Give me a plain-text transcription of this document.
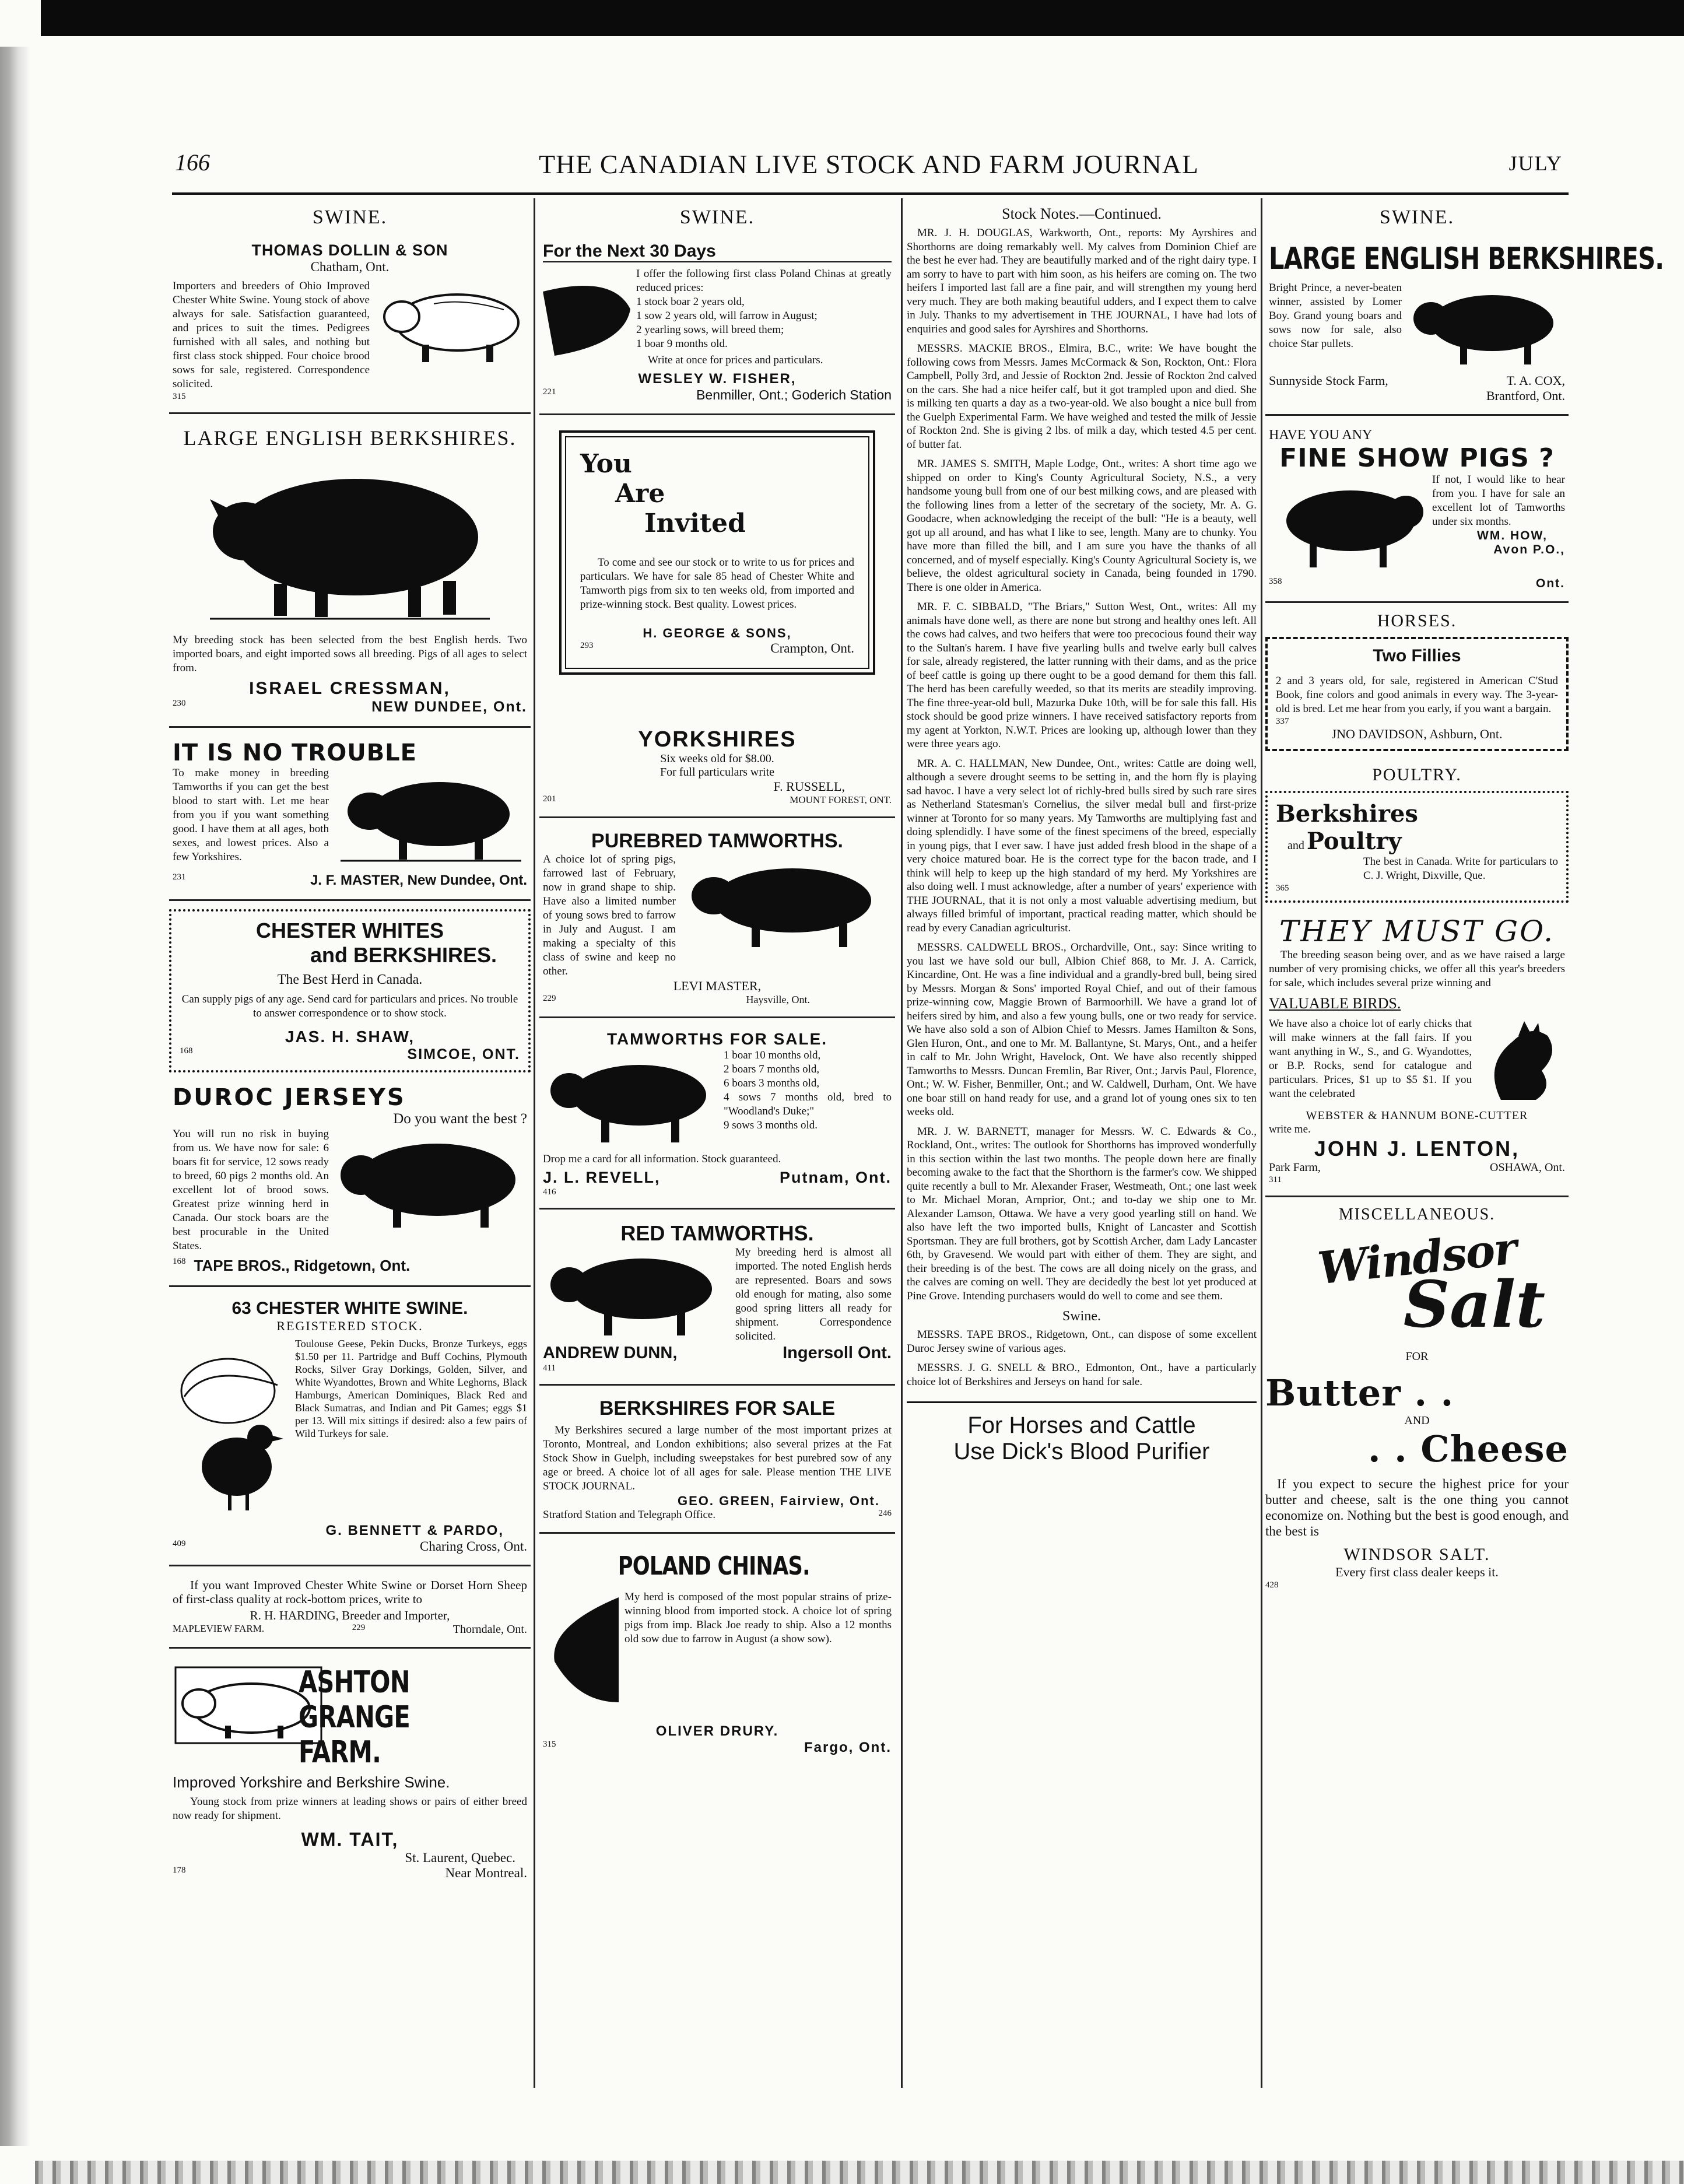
166	THE CANADIAN LIVE STOCK AND FARM JOURNAL	JULY
SWINE.
THOMAS DOLLIN & SON
Chatham, Ont.
Importers and breeders of Ohio Improved Chester White Swine. Young stock of above always for sale. Satisfaction guaranteed, and prices to suit the times. Pedigrees furnished with all sales, and nothing but first class stock shipped. Four choice brood sows for sale, registered. Correspondence solicited.
315
LARGE ENGLISH BERKSHIRES.
My breeding stock has been selected from the best English herds. Two imported boars, and eight imported sows all breeding. Pigs of all ages to select from.
ISRAEL CRESSMAN,
230	NEW DUNDEE, Ont.
IT IS NO TROUBLE
To make money in breeding Tamworths if you can get the best blood to start with. Let me hear from you if you want something good. I have them at all ages, both sexes, and lowest prices. Also a few Yorkshires.
231	J. F. MASTER, New Dundee, Ont.
CHESTER WHITES
and BERKSHIRES.
The Best Herd in Canada.
Can supply pigs of any age. Send card for particulars and prices. No trouble to answer correspondence or to show stock.
JAS. H. SHAW,
168	SIMCOE, ONT.
DUROC JERSEYS
Do you want the best ?
You will run no risk in buying from us. We have now for sale: 6 boars fit for service, 12 sows ready to breed, 60 pigs 2 months old. An excellent lot of brood sows. Greatest prize winning herd in Canada. Our stock boars are the best procurable in the United States.
168 TAPE BROS., Ridgetown, Ont.
63 CHESTER WHITE SWINE.
REGISTERED STOCK.
Toulouse Geese, Pekin Ducks, Bronze Turkeys, eggs $1.50 per 11. Partridge and Buff Cochins, Plymouth Rocks, Silver Gray Dorkings, Golden, Silver, and White Wyandottes, Brown and White Leghorns, Black Hamburgs, American Dominiques, Black Red and Black Sumatras, and Indian and Pit Games; eggs $1 per 13. Will mix sittings if desired: also a few pairs of Wild Turkeys for sale.
G. BENNETT & PARDO,
409	Charing Cross, Ont.
If you want Improved Chester White Swine or Dorset Horn Sheep of first-class quality at rock-bottom prices, write to
R. H. HARDING, Breeder and Importer,
MAPLEVIEW FARM.	229	Thorndale, Ont.
ASHTON
GRANGE FARM.
Improved Yorkshire and Berkshire Swine.
Young stock from prize winners at leading shows or pairs of either breed now ready for shipment.
WM. TAIT,
St. Laurent, Quebec.
178	Near Montreal.
SWINE.
For the Next 30 Days
I offer the following first class Poland Chinas at greatly reduced prices:
1 stock boar 2 years old,
1 sow 2 years old, will farrow in August;
2 yearling sows, will breed them;
1 boar 9 months old.
Write at once for prices and particulars.
WESLEY W. FISHER,
221	Benmiller, Ont.; Goderich Station
You
Are
Invited
To come and see our stock or to write to us for prices and particulars. We have for sale 85 head of Chester White and Tamworth pigs from six to ten weeks old, from imported and prize-winning stock. Best quality. Lowest prices.
H. GEORGE & SONS,
293	Crampton, Ont.
YORKSHIRES
Six weeks old for $8.00.
For full particulars write
F. RUSSELL,
201	MOUNT FOREST, ONT.
PUREBRED TAMWORTHS.
A choice lot of spring pigs, farrowed last of February, now in grand shape to ship. Have also a limited number of young sows bred to farrow in July and August. I am making a specialty of this class of swine and keep no other.
LEVI MASTER,
229	Haysville, Ont.
TAMWORTHS FOR SALE.
1 boar 10 months old,
2 boars 7 months old,
6 boars 3 months old,
4 sows 7 months old, bred to "Woodland's Duke;"
9 sows 3 months old.
Drop me a card for all information. Stock guaranteed.
J. L. REVELL,	Putnam, Ont.
416
RED TAMWORTHS.
My breeding herd is almost all imported. The noted English herds are represented. Boars and sows old enough for mating, also some good spring litters all ready for shipment. Correspondence solicited.
ANDREW DUNN,	Ingersoll Ont.
411
BERKSHIRES FOR SALE
My Berkshires secured a large number of the most important prizes at Toronto, Montreal, and London exhibitions; also several prizes at the Fat Stock Show in Guelph, including sweepstakes for best purebred sow of any age or breed. A choice lot of all ages for sale. Please mention THE LIVE STOCK JOURNAL.
GEO. GREEN, Fairview, Ont.
Stratford Station and Telegraph Office.	246
POLAND CHINAS.
My herd is composed of the most popular strains of prize-winning blood from imported stock. A choice lot of spring pigs from imp. Black Joe ready to ship. Also a 12 months old sow due to farrow in August (a show sow).
OLIVER DRURY.
315	Fargo, Ont.
Stock Notes.—Continued.

MR. J. H. DOUGLAS, Warkworth, Ont., reports: My Ayrshires and Shorthorns are doing remarkably well. My calves from Dominion Chief are the best he ever had. They are beautifully marked and of the right dairy type. I am sorry to have to part with him soon, as his heifers are coming on. The two heifers I imported last fall are a fine pair, and will strengthen my young herd very much. They are both making beautiful udders, and I expect them to calve in July. Thanks to my advertisement in THE JOURNAL, I have had lots of enquiries and good sales for Ayrshires and Shorthorns.

MESSRS. MACKIE BROS., Elmira, B.C., write: We have bought the following cows from Messrs. James McCormack & Son, Rockton, Ont.: Flora Campbell, Polly 3rd, and Jessie of Rockton 2nd. Jessie of Rockton 2nd calved on the cars. She had a nice heifer calf, but it got trampled upon and died. She is milking ten quarts a day as a two-year-old. We also bought a nice bull from the Guelph Experimental Farm. We have weighed and tested the milk of Jessie of Rockton 2nd. She is giving 2 lbs. of milk a day, which tested 4.5 per cent. of butter fat.

MR. JAMES S. SMITH, Maple Lodge, Ont., writes: A short time ago we shipped on order to King's County Agricultural Society, N.S., a very handsome young bull from one of our best milking cows, and are pleased with the following lines from a letter of the secretary of the society, Mr. A. G. Goodacre, when acknowledging the receipt of the bull: "He is a beauty, well got up all around, and has what I like to see, length. Many are to chunky. You have more than filled the bill, and I am sure you have the thanks of all concerned, and of myself especially. King's County Agricultural Society is, we believe, the oldest agricultural society in Canada, being founded in 1790. There is one older in America.

MR. F. C. SIBBALD, "The Briars," Sutton West, Ont., writes: All my animals have done well, as there are none but strong and healthy ones left. All the cows had calves, and two heifers that were too precocious found their way to the Sultan's harem. I have five yearling bulls and twelve early bull calves for sale, already registered, the latter running with their dams, and as the price of beef cattle is going up there ought to be a good demand for them this fall. The herd has been carefully weeded, so that its merits are steadily improving. The fine three-year-old bull, Mazurka Duke 10th, will be for sale this fall. His stock should be good prize winners. I have received satisfactory reports from my agent at Yorkton, N.W.T. Prices are looking up, although lower than they were three years ago.

MR. A. C. HALLMAN, New Dundee, Ont., writes: Cattle are doing well, although a severe drought seems to be setting in, and the horn fly is playing sad havoc. I have a very select lot of richly-bred bulls sired by such rare sires as Netherland Statesman's Cornelius, the silver medal bull and first-prize winner at Toronto for so many years. My Tamworths are multiplying fast and doing splendidly. I have some of the finest specimens of the breed, especially in young pigs, that I ever saw. I have just added fresh blood in the shape of a very choice matured boar. He is the correct type for the bacon trade, and I think will help to keep up the high standard of my herd. My Yorkshires are also doing well. I must acknowledge, after a number of years' experience with THE JOURNAL, that it is not only a most valuable advertising medium, but always filled brimful of important, practical reading matter, which should be read by every Canadian agriculturist.

MESSRS. CALDWELL BROS., Orchardville, Ont., say: Since writing to you last we have sold our bull, Albion Chief 868, to Mr. J. A. Carrick, Kincardine, Ont. He was a fine individual and a grandly-bred bull, being sired by Messrs. Morgan & Sons' imported Royal Chief, and out of their famous prize-winning cow, Maggie Brown of Barmoorhill. We have a grand lot of heifers sired by him, and also a few young bulls, one or two ready for service. We have also sold a son of Albion Chief to Messrs. James Hamilton & Sons, Glen Huron, Ont., and one to Mr. M. Ballantyne, St. Marys, Ont., and a heifer in calf to Mr. John Wright, Havelock, Ont. We have also recently shipped Tamworths to Messrs. Duncan Fremlin, Bar River, Ont.; Jarvis Paul, Florence, Ont.; W. W. Fisher, Benmiller, Ont.; and W. Caldwell, Durham, Ont. We have one boar still on hand ready for use, and a grand lot of young ones six to ten weeks old.

MR. J. W. BARNETT, manager for Messrs. W. C. Edwards & Co., Rockland, Ont., writes: The outlook for Shorthorns has improved wonderfully in this section within the last two months. The people down here are finally becoming awake to the fact that the Shorthorn is the farmer's cow. We shipped quite recently a bull to Mr. Alexander Fraser, Westmeath, Ont.; one last week to Mr. Michael Moran, Arnprior, Ont.; and to-day we ship one to Mr. Alexander Lamson, Ottawa. We have a very good yearling still on hand. We also have left the two imported bulls, Knight of Lancaster and Scottish Sportsman. They are full brothers, got by Scottish Archer, dam Lady Lancaster 6th, by Gravesend. We would part with either of them. They are sight, and their breeding is of the best. The cows are all doing nicely on the grass, and the calves are coming on well. They are decidedly the best lot yet produced at Pine Grove. Intending purchasers would do well to come and see them.

Swine.

MESSRS. TAPE BROS., Ridgetown, Ont., can dispose of some excellent Duroc Jersey swine of various ages.

MESSRS. J. G. SNELL & BRO., Edmonton, Ont., have a particularly choice lot of Berkshires and Jerseys on hand for sale.

For Horses and Cattle
Use Dick's Blood Purifier
SWINE.
LARGE ENGLISH BERKSHIRES.
Bright Prince, a never-beaten winner, assisted by Lomer Boy. Grand young boars and sows now for sale, also choice Star pullets.
Sunnyside Stock Farm,	T. A. COX,
Brantford, Ont.
HAVE YOU ANY
FINE SHOW PIGS ?
If not, I would like to hear from you. I have for sale an excellent lot of Tamworths under six months.
WM. HOW,
Avon P.O.,
358	Ont.
HORSES.
Two Fillies
2 and 3 years old, for sale, registered in American C'Stud Book, fine colors and good animals in every way. The 3-year-old is bred. Let me hear from you early, if you want a bargain.
337
JNO DAVIDSON, Ashburn, Ont.
POULTRY.
Berkshires
and Poultry
The best in Canada. Write for particulars to C. J. Wright, Dixville, Que.
365
THEY MUST GO.
The breeding season being over, and as we have raised a large number of very promising chicks, we offer all this year's breeders for sale, which includes several prize winning and
VALUABLE BIRDS.
We have also a choice lot of early chicks that will make winners at the fall fairs. If you want anything in W., S., and G. Wyandottes, or B.P. Rocks, send for catalogue and particulars. Prices, $1 up to $5 $1. If you want the celebrated
WEBSTER & HANNUM BONE-CUTTER
write me.
JOHN J. LENTON,
Park Farm,	OSHAWA, Ont.
311
MISCELLANEOUS.
Windsor
Salt
FOR
Butter . .
AND
. . Cheese
If you expect to secure the highest price for your butter and cheese, salt is the one thing you cannot economize on. Nothing but the best is good enough, and the best is
WINDSOR SALT.
Every first class dealer keeps it.
428
